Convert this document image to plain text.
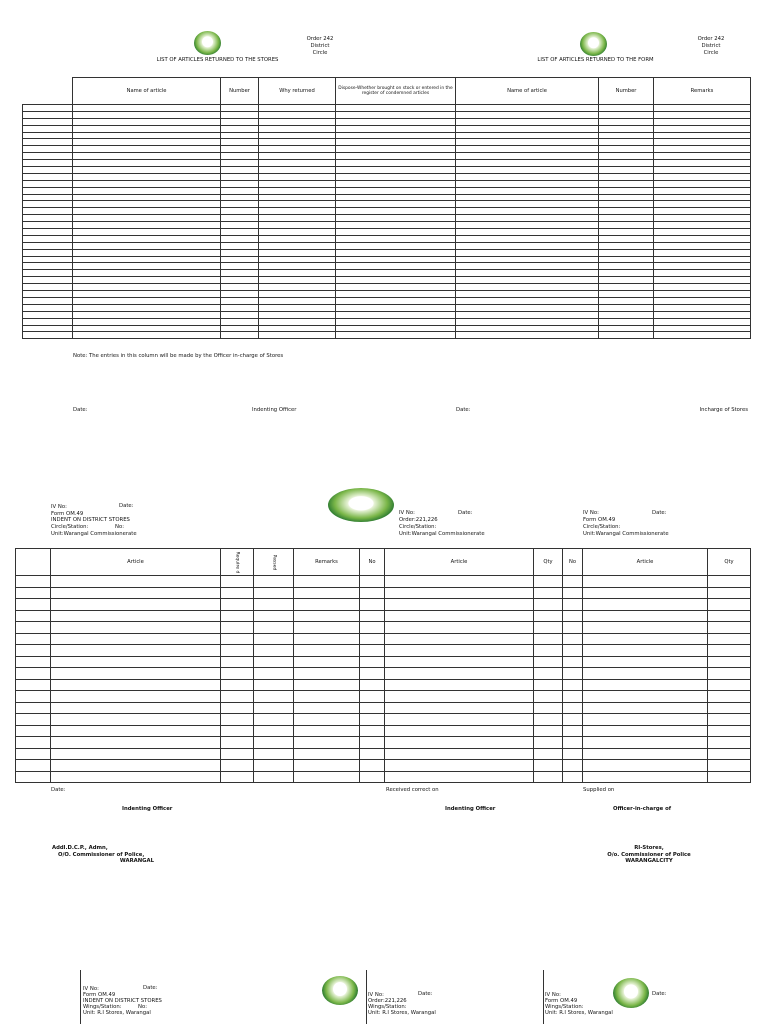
Order 242
District
Circle
LIST OF ARTICLES RETURNED TO THE STORES
Order 242
District
Circle
LIST OF ARTICLES RETURNED TO THE FORM
	Name of article	Number	Why returned	Dispose-Whether brought on stock or entered in the register of condemned articles	Name of article	Number	Remarks

Note: The entries in this column will be made by the Officer in-charge of Stores
Date:	Indenting Officer	Date:	Incharge of Stores
IV No:	Date:
Form OM.49
INDENT ON DISTRICT STORES
Circle/Station:	No:
Unit:Warangal Commissionerate
IV No:	Date:
Order:221,226
Circle/Station:
Unit:Warangal Commissionerate
IV No:	Date:
Form OM.49
Circle/Station:
Unit:Warangal Commissionerate
	Article	Require d	Passed	Remarks	No	Article	Qty	No	Article	Qty

Date:	Received correct on	Supplied on
Indenting Officer	Indenting Officer	Officer-in-charge of
Addl.D.C.P., Admn,
O/O. Commissioner of Police,
WARANGAL
RI-Stores,
O/o. Commissioner of Police
WARANGALCITY
IV No:	Date:
Form OM.49
INDENT ON DISTRICT STORES
Wings/Station:	No:
Unit: R.I Stores, Warangal
IV No:	Date:
Order:221,226
Wings/Station:
Unit: R.I Stores, Warangal
IV No:
Form OM.49
Wings/Station:
Unit: R.I Stores, Warangal
Date:
